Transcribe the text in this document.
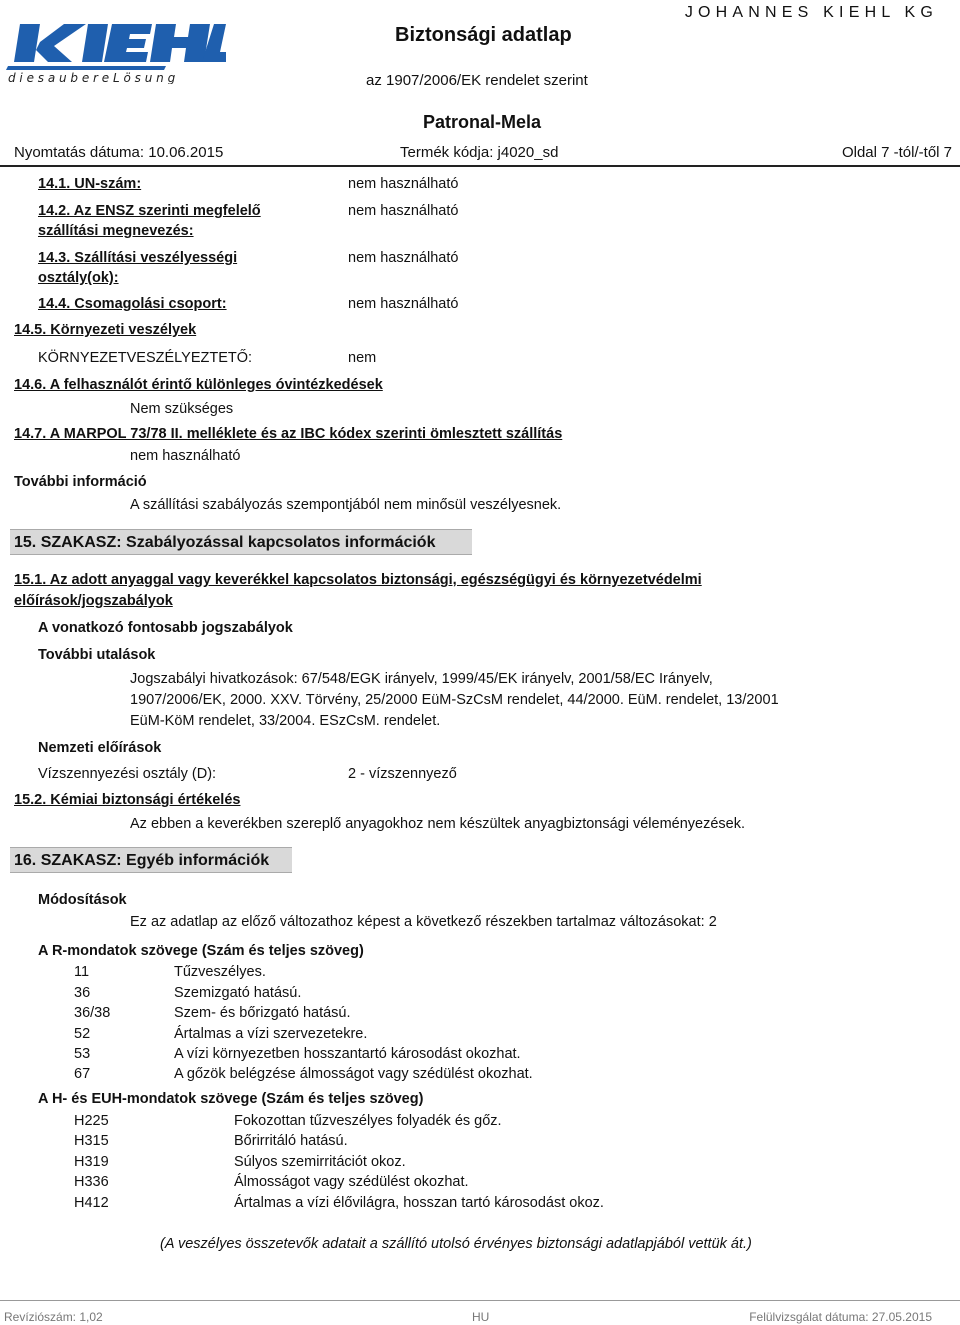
d i e s a u b e r e L ö s u n g
KIEHL
Biztonsági adatlap
JOHANNES KIEHL KG
az 1907/2006/EK rendelet szerint
Patronal-Mela
Nyomtatás dátuma: 10.06.2015	Termék kódja: j4020_sd	Oldal 7 -tól/-től 7
14.1. UN-szám:	nem használható
14.2. Az ENSZ szerinti megfelelő
szállítási megnevezés:
nem használható
14.3. Szállítási veszélyességi
osztály(ok):
nem használható
14.4. Csomagolási csoport:	nem használható
14.5. Környezeti veszélyek
KÖRNYEZETVESZÉLYEZTETŐ:	nem
14.6. A felhasználót érintő különleges óvintézkedések
Nem szükséges
14.7. A MARPOL 73/78 II. melléklete és az IBC kódex szerinti ömlesztett szállítás
nem használható
További információ
A szállítási szabályozás szempontjából nem minősül veszélyesnek.
15. SZAKASZ: Szabályozással kapcsolatos információk
15.1. Az adott anyaggal vagy keverékkel kapcsolatos biztonsági, egészségügyi és környezetvédelmi
előírások/jogszabályok
A vonatkozó fontosabb jogszabályok
További utalások
Jogszabályi hivatkozások: 67/548/EGK irányelv, 1999/45/EK irányelv, 2001/58/EC Irányelv,
1907/2006/EK, 2000. XXV. Törvény, 25/2000 EüM-SzCsM rendelet, 44/2000. EüM. rendelet, 13/2001
EüM-KöM rendelet, 33/2004. ESzCsM. rendelet.
Nemzeti előírások
Vízszennyezési osztály (D):	2 - vízszennyező
15.2. Kémiai biztonsági értékelés
Az ebben a keverékben szereplő anyagokhoz nem készültek anyagbiztonsági véleményezések.
16. SZAKASZ: Egyéb információk
Módosítások
Ez az adatlap az előző változathoz képest a következő részekben tartalmaz változásokat: 2
A R-mondatok szövege (Szám és teljes szöveg)
11	Tűzveszélyes.
36	Szemizgató hatású.
36/38	Szem- és bőrizgató hatású.
52	Ártalmas a vízi szervezetekre.
53	A vízi környezetben hosszantartó károsodást okozhat.
67	A gőzök belégzése álmosságot vagy szédülést okozhat.
A H- és EUH-mondatok szövege (Szám és teljes szöveg)
H225	Fokozottan tűzveszélyes folyadék és gőz.
H315	Bőrirritáló hatású.
H319	Súlyos szemirritációt okoz.
H336	Álmosságot vagy szédülést okozhat.
H412	Ártalmas a vízi élővilágra, hosszan tartó károsodást okoz.
(A veszélyes összetevők adatait a szállító utolsó érvényes biztonsági adatlapjából vettük át.)
Revíziószám: 1,02	HU	Felülvizsgálat dátuma: 27.05.2015
